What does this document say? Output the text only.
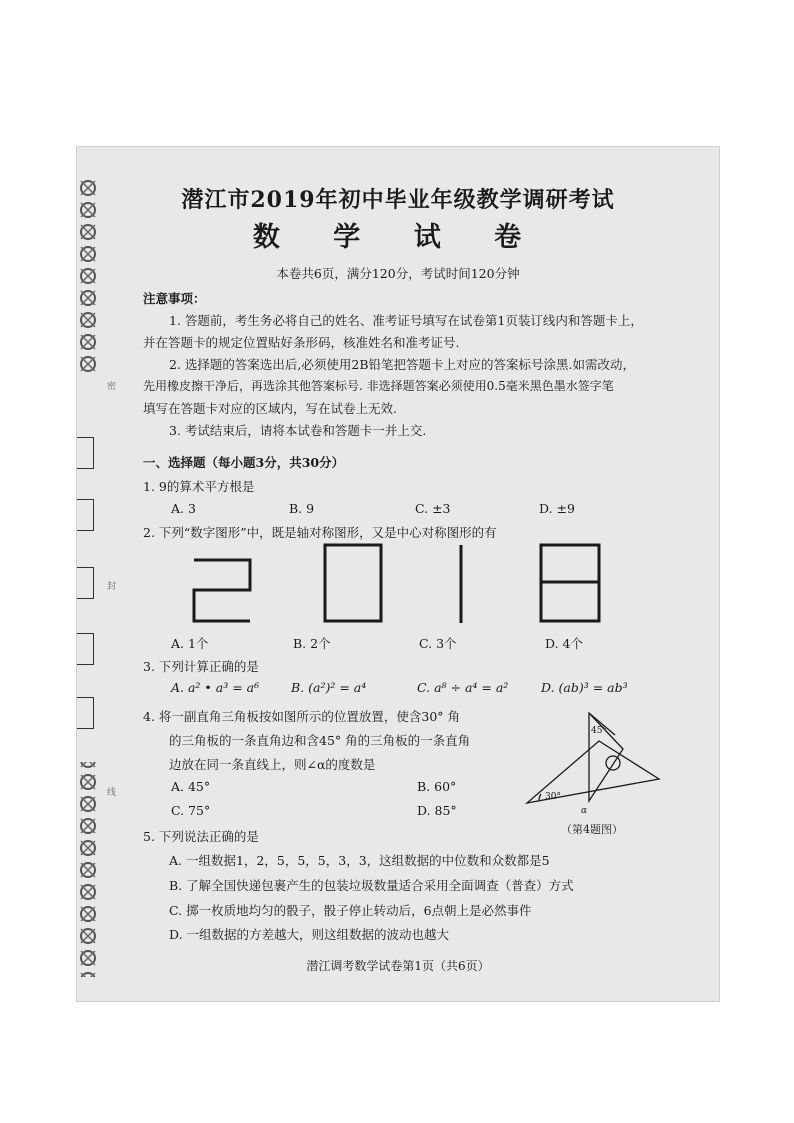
密
封
线
潜江市2019年初中毕业年级教学调研考试
数 学 试 卷
本卷共6页，满分120分，考试时间120分钟
注意事项：
1. 答题前，考生务必将自己的姓名、准考证号填写在试卷第1页装订线内和答题卡上，
并在答题卡的规定位置贴好条形码，核准姓名和准考证号.
2. 选择题的答案选出后,必须使用2B铅笔把答题卡上对应的答案标号涂黑.如需改动，
先用橡皮擦干净后，再选涂其他答案标号. 非选择题答案必须使用0.5毫米黑色墨水签字笔
填写在答题卡对应的区域内，写在试卷上无效.
3. 考试结束后，请将本试卷和答题卡一并上交.
一、选择题（每小题3分，共30分）
1. 9的算术平方根是
A. 3	B. 9	C. ±3	D. ±9
2. 下列“数字图形”中，既是轴对称图形，又是中心对称图形的有
A. 1个	B. 2个	C. 3个	D. 4个
3. 下列计算正确的是
A. a² • a³ = a⁶	B. (a²)² = a⁴	C. a⁸ ÷ a⁴ = a²	D. (ab)³ = ab³
4. 将一副直角三角板按如图所示的位置放置，使含30° 角
的三角板的一条直角边和含45° 角的三角板的一条直角
边放在同一条直线上，则∠α的度数是
A. 45°	B. 60°
C. 75°	D. 85°
45°
30°
α
（第4题图）
5. 下列说法正确的是
A. 一组数据1，2，5，5，5，3，3，这组数据的中位数和众数都是5
B. 了解全国快递包裹产生的包装垃圾数量适合采用全面调查（普查）方式
C. 掷一枚质地均匀的骰子，骰子停止转动后，6点朝上是必然事件
D. 一组数据的方差越大，则这组数据的波动也越大
潜江调考数学试卷第1页（共6页）
